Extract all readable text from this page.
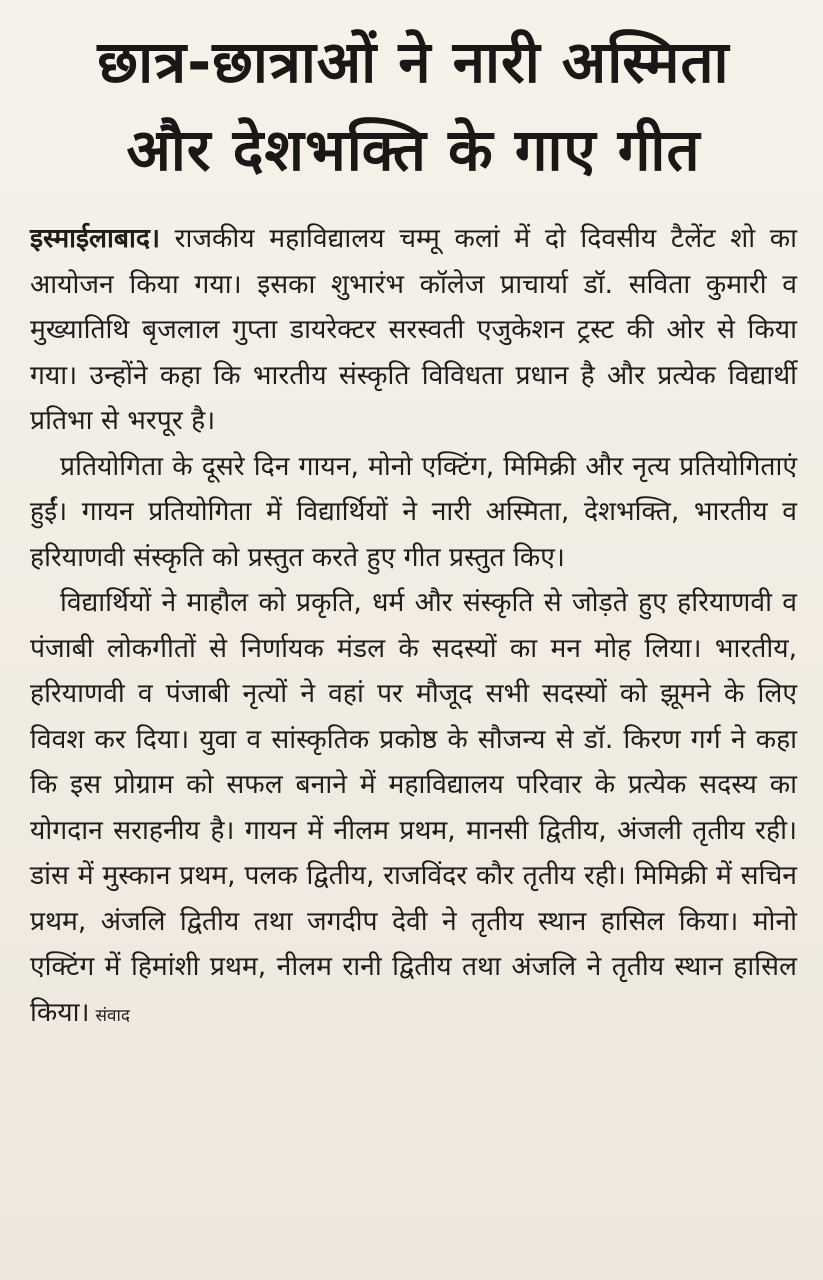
छात्र-छात्राओं ने नारी अस्मिता
और देशभक्ति के गाए गीत

इस्माईलाबाद। राजकीय महाविद्यालय चम्मू कलां में दो दिवसीय टैलेंट शो का आयोजन किया गया। इसका शुभारंभ कॉलेज प्राचार्या डॉ. सविता कुमारी व मुख्यातिथि बृजलाल गुप्ता डायरेक्टर सरस्वती एजुकेशन ट्रस्ट की ओर से किया गया। उन्होंने कहा कि भारतीय संस्कृति विविधता प्रधान है और प्रत्येक विद्यार्थी प्रतिभा से भरपूर है।

प्रतियोगिता के दूसरे दिन गायन, मोनो एक्टिंग, मिमिक्री और नृत्य प्रतियोगिताएं हुईं। गायन प्रतियोगिता में विद्यार्थियों ने नारी अस्मिता, देशभक्ति, भारतीय व हरियाणवी संस्कृति को प्रस्तुत करते हुए गीत प्रस्तुत किए।

विद्यार्थियों ने माहौल को प्रकृति, धर्म और संस्कृति से जोड़ते हुए हरियाणवी व पंजाबी लोकगीतों से निर्णायक मंडल के सदस्यों का मन मोह लिया। भारतीय, हरियाणवी व पंजाबी नृत्यों ने वहां पर मौजूद सभी सदस्यों को झूमने के लिए विवश कर दिया। युवा व सांस्कृतिक प्रकोष्ठ के सौजन्य से डॉ. किरण गर्ग ने कहा कि इस प्रोग्राम को सफल बनाने में महाविद्यालय परिवार के प्रत्येक सदस्य का योगदान सराहनीय है। गायन में नीलम प्रथम, मानसी द्वितीय, अंजली तृतीय रही। डांस में मुस्कान प्रथम, पलक द्वितीय, राजविंदर कौर तृतीय रही। मिमिक्री में सचिन प्रथम, अंजलि द्वितीय तथा जगदीप देवी ने तृतीय स्थान हासिल किया। मोनो एक्टिंग में हिमांशी प्रथम, नीलम रानी द्वितीय तथा अंजलि ने तृतीय स्थान हासिल किया। संवाद
